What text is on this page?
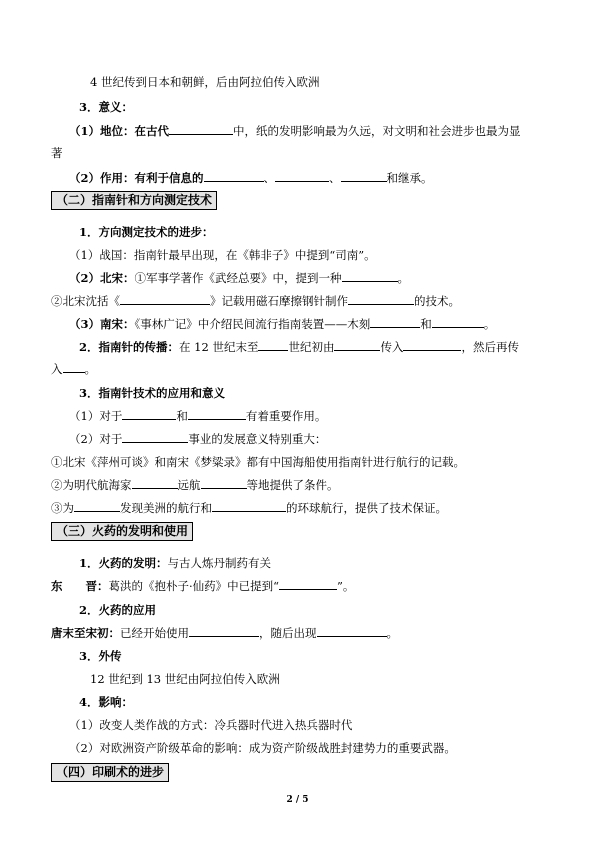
4 世纪传到日本和朝鲜，后由阿拉伯传入欧洲
3．意义：
（1）地位：在古代	中，纸的发明影响最为久远，对文明和社会进步也最为显
著
（2）作用：有利于信息的	、	、	和继承。
（二）指南针和方向测定技术
1．方向测定技术的进步：
（1）战国：指南针最早出现，在《韩非子》中提到“司南”。
（2）北宋：①军事学著作《武经总要》中，提到一种	。
②北宋沈括《	》记载用磁石摩擦钢针制作	的技术。
（3）南宋：《事林广记》中介绍民间流行指南装置——木刻	和	。
2．指南针的传播：在 12 世纪末至	世纪初由	传入	，然后再传
入 。
3．指南针技术的应用和意义
（1）对于	和	有着重要作用。
（2）对于	事业的发展意义特别重大：
①北宋《萍州可谈》和南宋《梦粱录》都有中国海船使用指南针进行航行的记载。
②为明代航海家	远航	等地提供了条件。
③为	发现美洲的航行和	的环球航行，提供了技术保证。
（三）火药的发明和使用
1．火药的发明：与古人炼丹制药有关
东　　晋：葛洪的《抱朴子·仙药》中已提到“	”。
2．火药的应用
唐末至宋初：已经开始使用	，随后出现	。
3．外传
12 世纪到 13 世纪由阿拉伯传入欧洲
4．影响：
（1）改变人类作战的方式：冷兵器时代进入热兵器时代
（2）对欧洲资产阶级革命的影响：成为资产阶级战胜封建势力的重要武器。
（四）印刷术的进步
2 / 5
